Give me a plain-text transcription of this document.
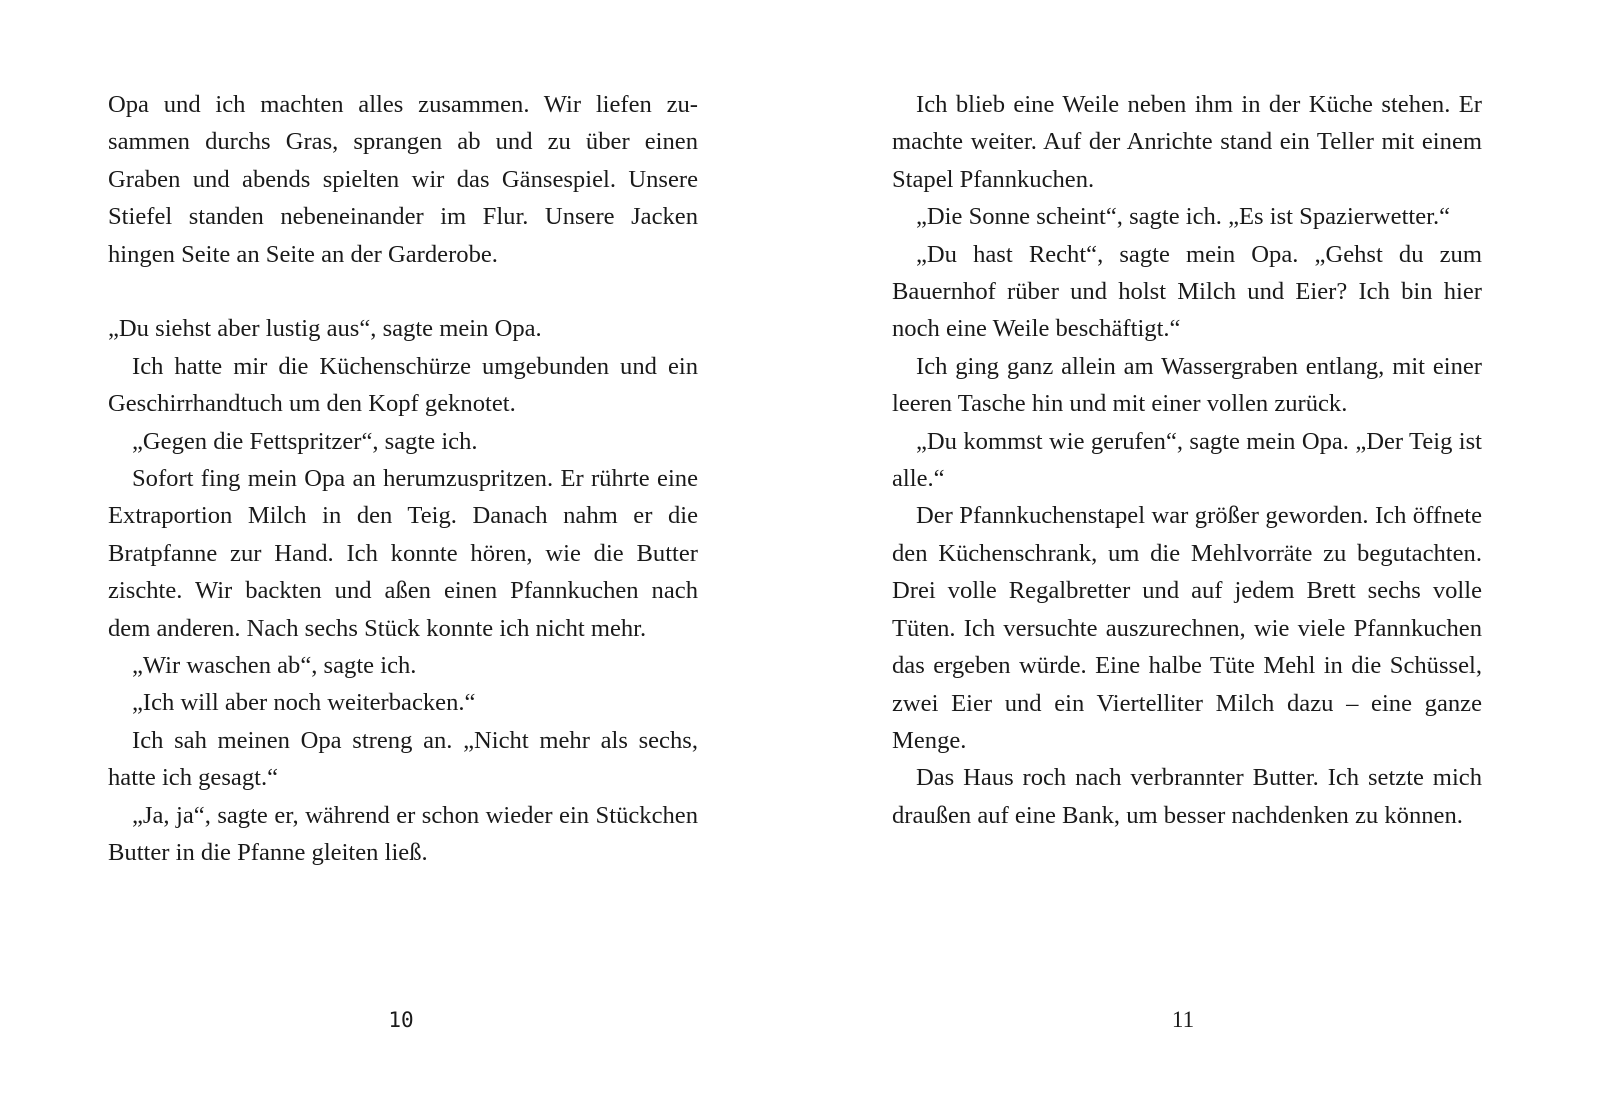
Opa und ich machten alles zusammen. Wir liefen zusammen durchs Gras, sprangen ab und zu über einen Graben und abends spielten wir das Gänsespiel. Unsere Stiefel standen nebeneinander im Flur. Unsere Jacken hingen Seite an Seite an der Garderobe.

„Du siehst aber lustig aus“, sagte mein Opa.

Ich hatte mir die Küchenschürze umgebunden und ein Geschirrhandtuch um den Kopf geknotet.

„Gegen die Fettspritzer“, sagte ich.

Sofort fing mein Opa an herumzuspritzen. Er rührte eine Extraportion Milch in den Teig. Danach nahm er die Bratpfanne zur Hand. Ich konnte hören, wie die Butter zischte. Wir backten und aßen einen Pfannkuchen nach dem anderen. Nach sechs Stück konnte ich nicht mehr.

„Wir waschen ab“, sagte ich.

„Ich will aber noch weiterbacken.“

Ich sah meinen Opa streng an. „Nicht mehr als sechs, hatte ich gesagt.“

„Ja, ja“, sagte er, während er schon wieder ein Stückchen Butter in die Pfanne gleiten ließ.

10

Ich blieb eine Weile neben ihm in der Küche stehen. Er machte weiter. Auf der Anrichte stand ein Teller mit einem Stapel Pfannkuchen.

„Die Sonne scheint“, sagte ich. „Es ist Spazierwetter.“

„Du hast Recht“, sagte mein Opa. „Gehst du zum Bauernhof rüber und holst Milch und Eier? Ich bin hier noch eine Weile beschäftigt.“

Ich ging ganz allein am Wassergraben entlang, mit einer leeren Tasche hin und mit einer vollen zurück.

„Du kommst wie gerufen“, sagte mein Opa. „Der Teig ist alle.“

Der Pfannkuchenstapel war größer geworden. Ich öffnete den Küchenschrank, um die Mehlvorräte zu begutachten. Drei volle Regalbretter und auf jedem Brett sechs volle Tüten. Ich versuchte auszurechnen, wie viele Pfannkuchen das ergeben würde. Eine halbe Tüte Mehl in die Schüssel, zwei Eier und ein Viertelliter Milch dazu – eine ganze Menge.

Das Haus roch nach verbrannter Butter. Ich setzte mich draußen auf eine Bank, um besser nachdenken zu können.

11
